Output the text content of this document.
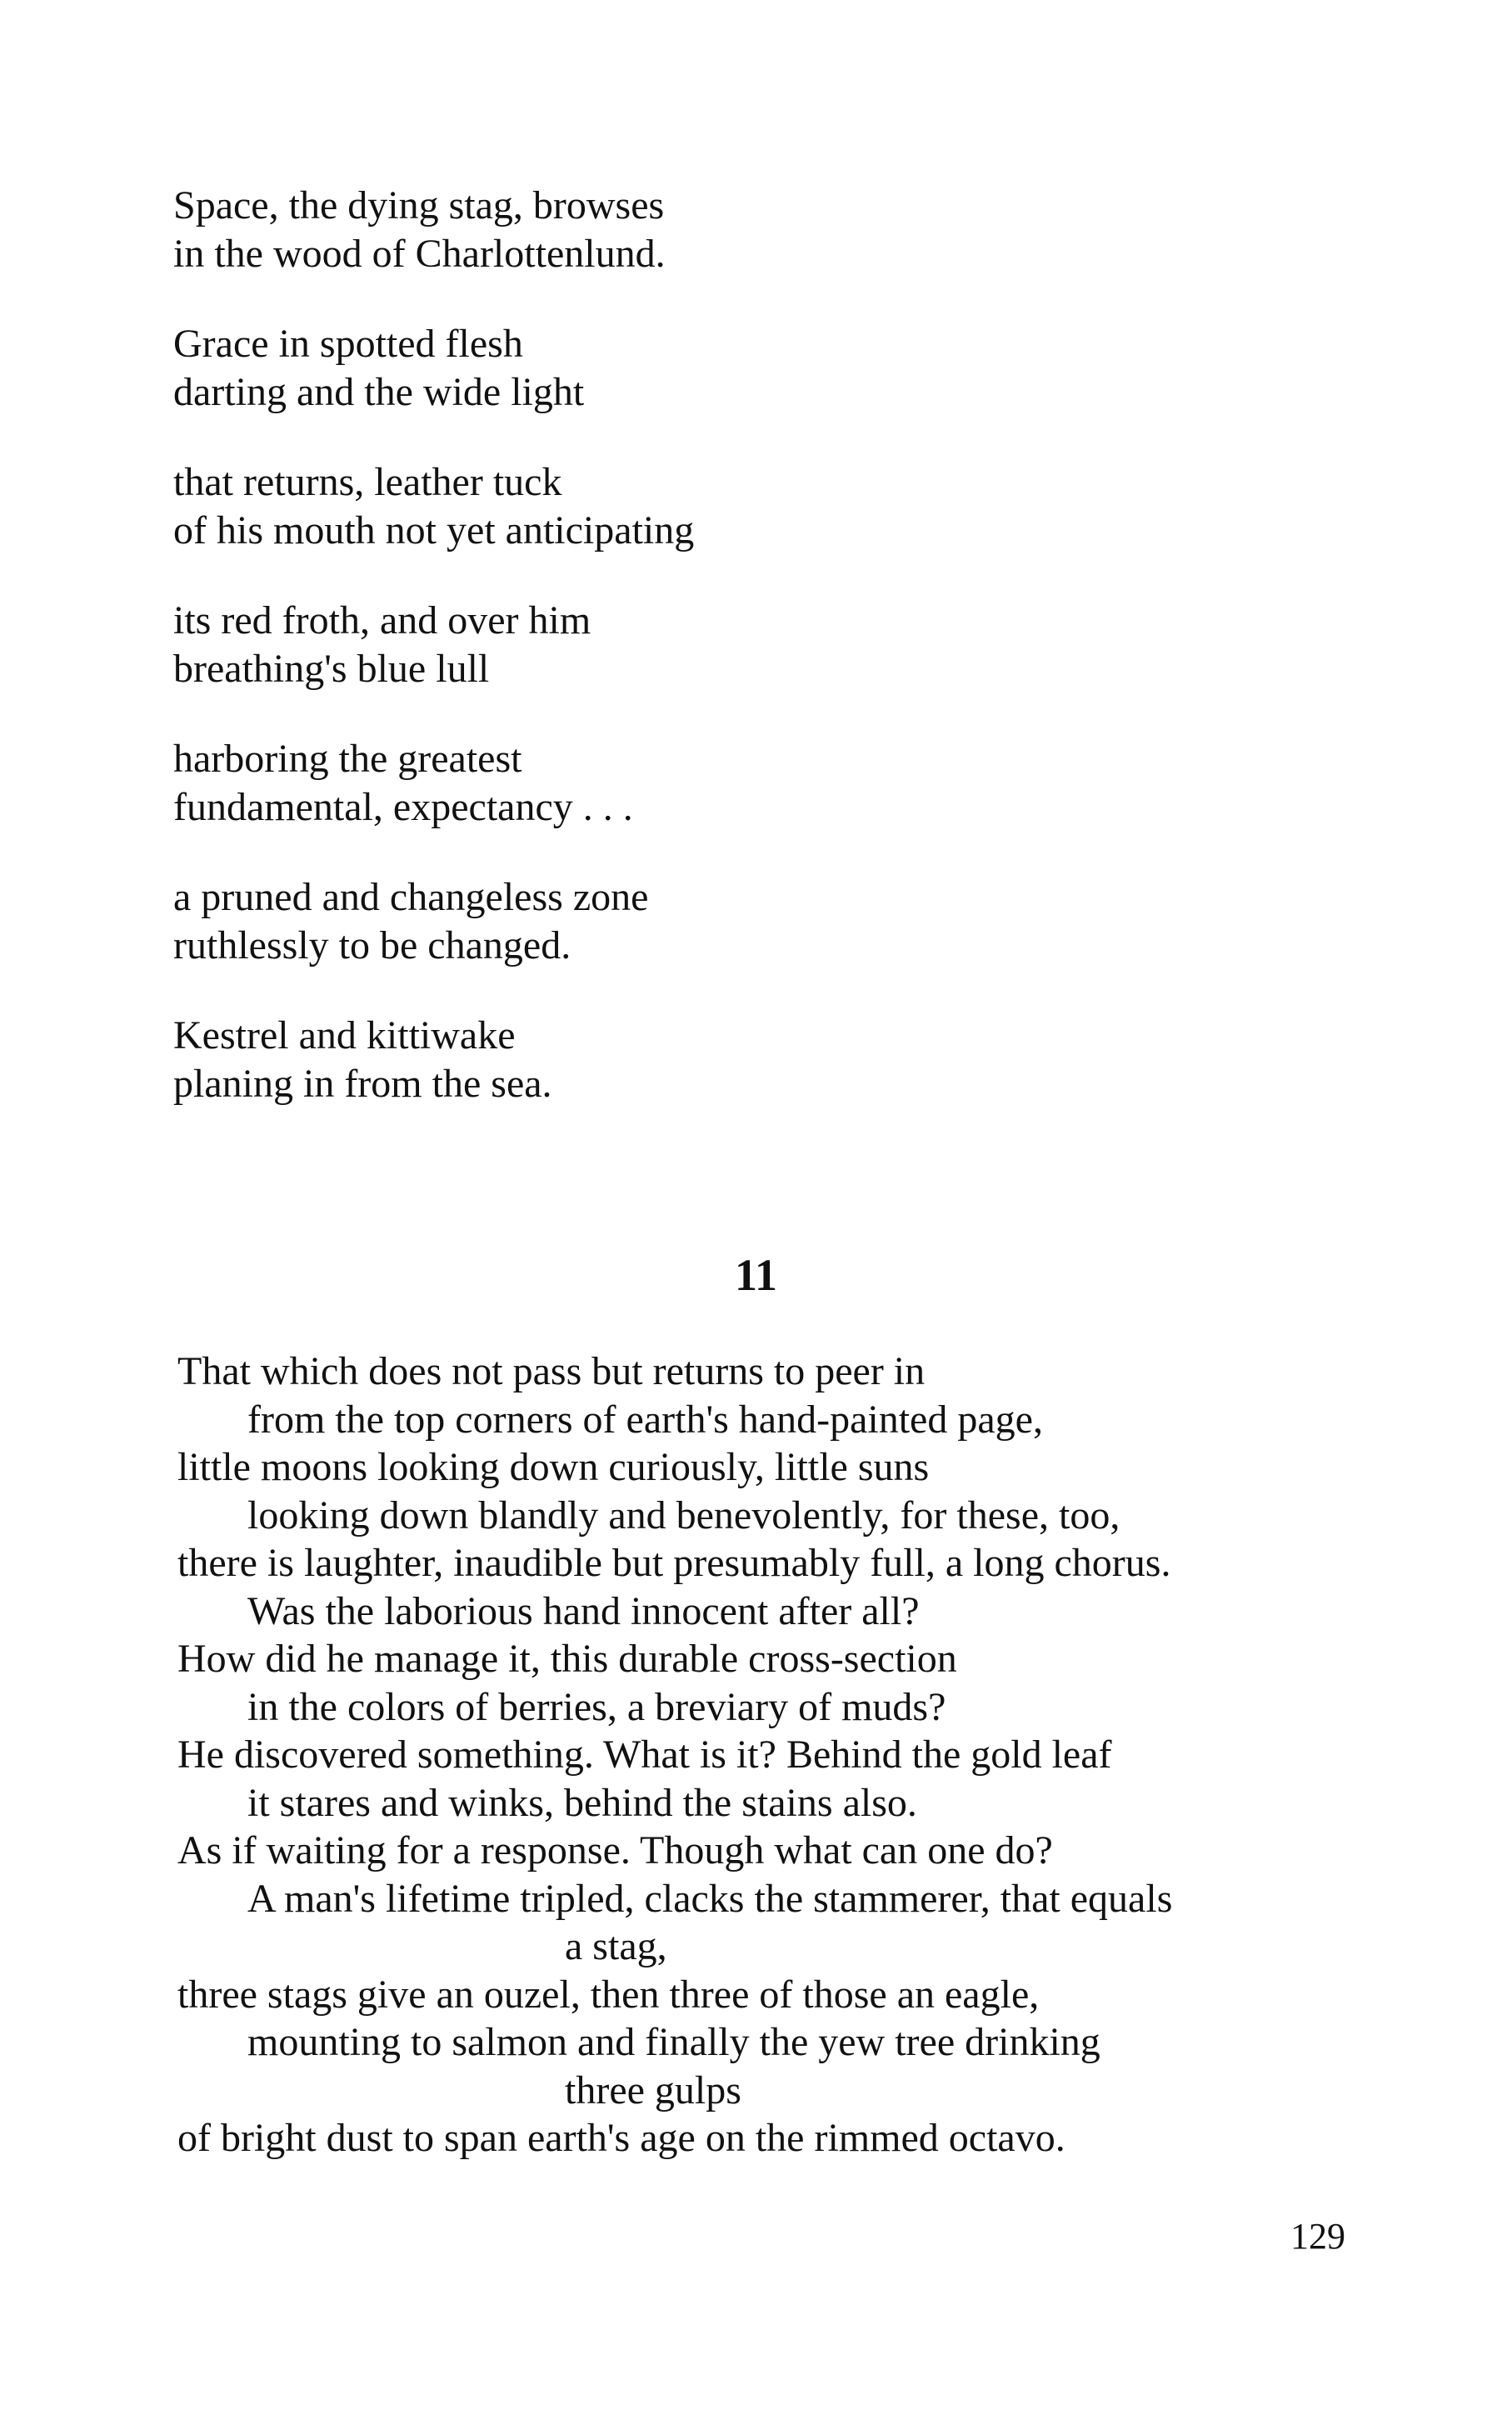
Space, the dying stag, browses
in the wood of Charlottenlund.
Grace in spotted flesh
darting and the wide light
that returns, leather tuck
of his mouth not yet anticipating
its red froth, and over him
breathing's blue lull
harboring the greatest
fundamental, expectancy . . .
a pruned and changeless zone
ruthlessly to be changed.
Kestrel and kittiwake
planing in from the sea.
11
That which does not pass but returns to peer in
from the top corners of earth's hand-painted page,
little moons looking down curiously, little suns
looking down blandly and benevolently, for these, too,
there is laughter, inaudible but presumably full, a long chorus.
Was the laborious hand innocent after all?
How did he manage it, this durable cross-section
in the colors of berries, a breviary of muds?
He discovered something. What is it? Behind the gold leaf
it stares and winks, behind the stains also.
As if waiting for a response. Though what can one do?
A man's lifetime tripled, clacks the stammerer, that equals
a stag,
three stags give an ouzel, then three of those an eagle,
mounting to salmon and finally the yew tree drinking
three gulps
of bright dust to span earth's age on the rimmed octavo.
129
